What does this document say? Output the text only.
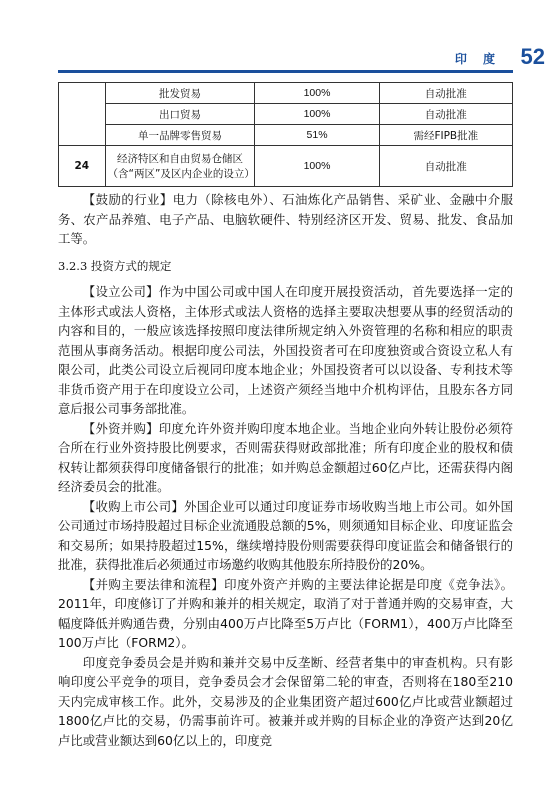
印 度 52
	批发贸易	100%	自动批准
	出口贸易	100%	自动批准
	单一品牌零售贸易	51%	需经FIPB批准
24	经济特区和自由贸易仓储区（含“两区”及区内企业的设立）	100%	自动批准

【鼓励的行业】电力（除核电外）、石油炼化产品销售、采矿业、金融中介服务、农产品养殖、电子产品、电脑软硬件、特别经济区开发、贸易、批发、食品加工等。

3.2.3 投资方式的规定

【设立公司】作为中国公司或中国人在印度开展投资活动，首先要选择一定的主体形式或法人资格，主体形式或法人资格的选择主要取决想要从事的经贸活动的内容和目的，一般应该选择按照印度法律所规定纳入外资管理的名称和相应的职责范围从事商务活动。根据印度公司法，外国投资者可在印度独资或合资设立私人有限公司，此类公司设立后视同印度本地企业；外国投资者可以以设备、专利技术等非货币资产用于在印度设立公司，上述资产须经当地中介机构评估，且股东各方同意后报公司事务部批准。

【外资并购】印度允许外资并购印度本地企业。当地企业向外转让股份必须符合所在行业外资持股比例要求，否则需获得财政部批准；所有印度企业的股权和债权转让都须获得印度储备银行的批准；如并购总金额超过60亿卢比，还需获得内阁经济委员会的批准。

【收购上市公司】外国企业可以通过印度证券市场收购当地上市公司。如外国公司通过市场持股超过目标企业流通股总额的5%，则须通知目标企业、印度证监会和交易所；如果持股超过15%，继续增持股份则需要获得印度证监会和储备银行的批准，获得批准后必须通过市场邀约收购其他股东所持股份的20%。

【并购主要法律和流程】印度外资产并购的主要法律论据是印度《竞争法》。2011年，印度修订了并购和兼并的相关规定，取消了对于普通并购的交易审查，大幅度降低并购通告费，分别由400万卢比降至5万卢比（FORM1），400万卢比降至100万卢比（FORM2）。

印度竞争委员会是并购和兼并交易中反垄断、经营者集中的审查机构。只有影响印度公平竞争的项目，竞争委员会才会保留第二轮的审查，否则将在180至210天内完成审核工作。此外，交易涉及的企业集团资产超过600亿卢比或营业额超过1800亿卢比的交易，仍需事前许可。被兼并或并购的目标企业的净资产达到20亿卢比或营业额达到60亿以上的，印度竞
